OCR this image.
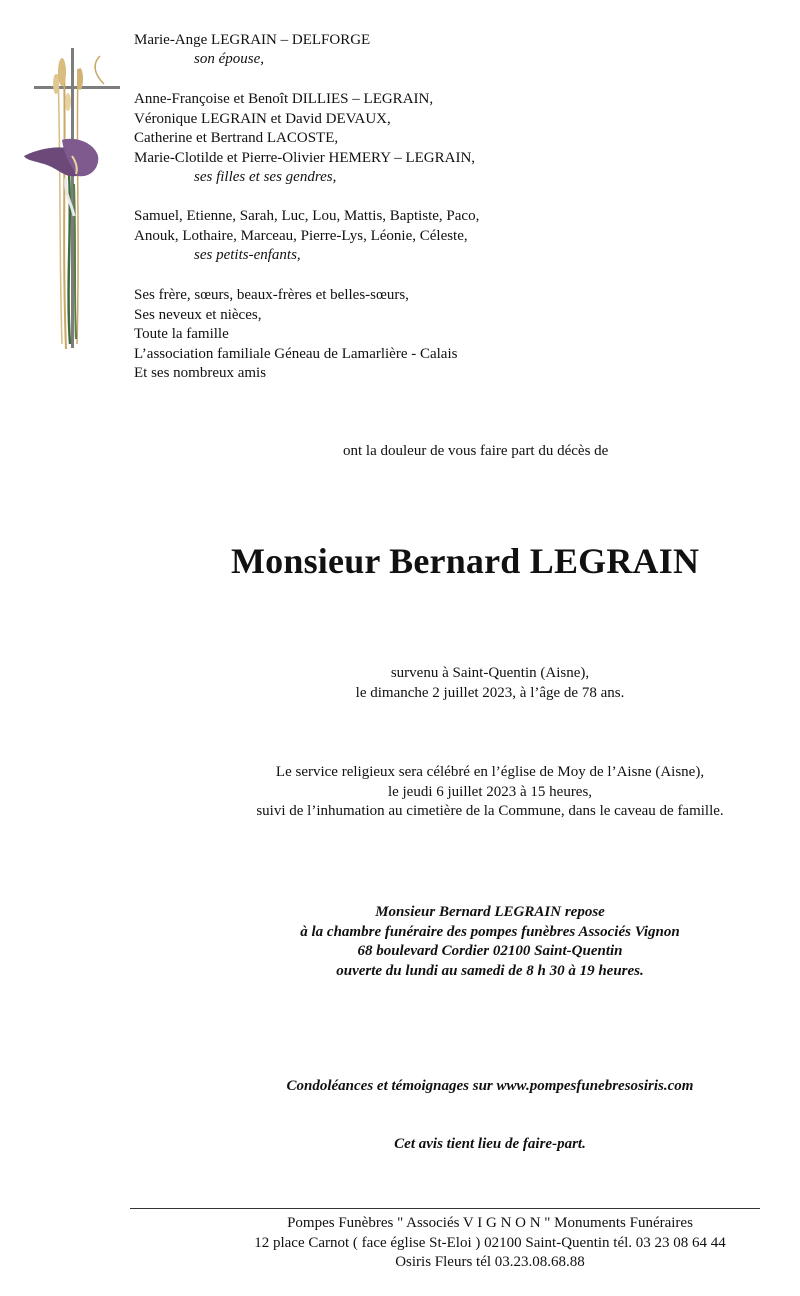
Marie-Ange LEGRAIN – DELFORGE
son épouse,
Anne-Françoise et Benoît DILLIES – LEGRAIN,
Véronique LEGRAIN et David DEVAUX,
Catherine et Bertrand LACOSTE,
Marie-Clotilde et Pierre-Olivier HEMERY – LEGRAIN,
ses filles et ses gendres,
Samuel, Etienne, Sarah, Luc, Lou, Mattis, Baptiste, Paco,
Anouk, Lothaire, Marceau, Pierre-Lys, Léonie, Céleste,
ses petits-enfants,
Ses frère, sœurs, beaux-frères et belles-sœurs,
Ses neveux et nièces,
Toute la famille
L’association familiale Géneau de Lamarlière - Calais
Et ses nombreux amis
ont la douleur de vous faire part du décès de
Monsieur Bernard LEGRAIN
survenu à Saint-Quentin (Aisne),
le dimanche 2 juillet 2023, à l’âge de 78 ans.
Le service religieux sera célébré en l’église de Moy de l’Aisne (Aisne),
le jeudi 6 juillet 2023 à 15 heures,
suivi de l’inhumation au cimetière de la Commune, dans le caveau de famille.
Monsieur Bernard LEGRAIN repose
à la chambre funéraire des pompes funèbres Associés Vignon
68 boulevard Cordier 02100 Saint-Quentin
ouverte du lundi au samedi de 8 h 30 à 19 heures.
Condoléances et témoignages sur www.pompesfunebresosiris.com
Cet avis tient lieu de faire-part.
Pompes Funèbres " Associés V I G N O N " Monuments Funéraires
12 place Carnot ( face église St-Eloi ) 02100 Saint-Quentin tél. 03 23 08 64 44
Osiris Fleurs tél 03.23.08.68.88
